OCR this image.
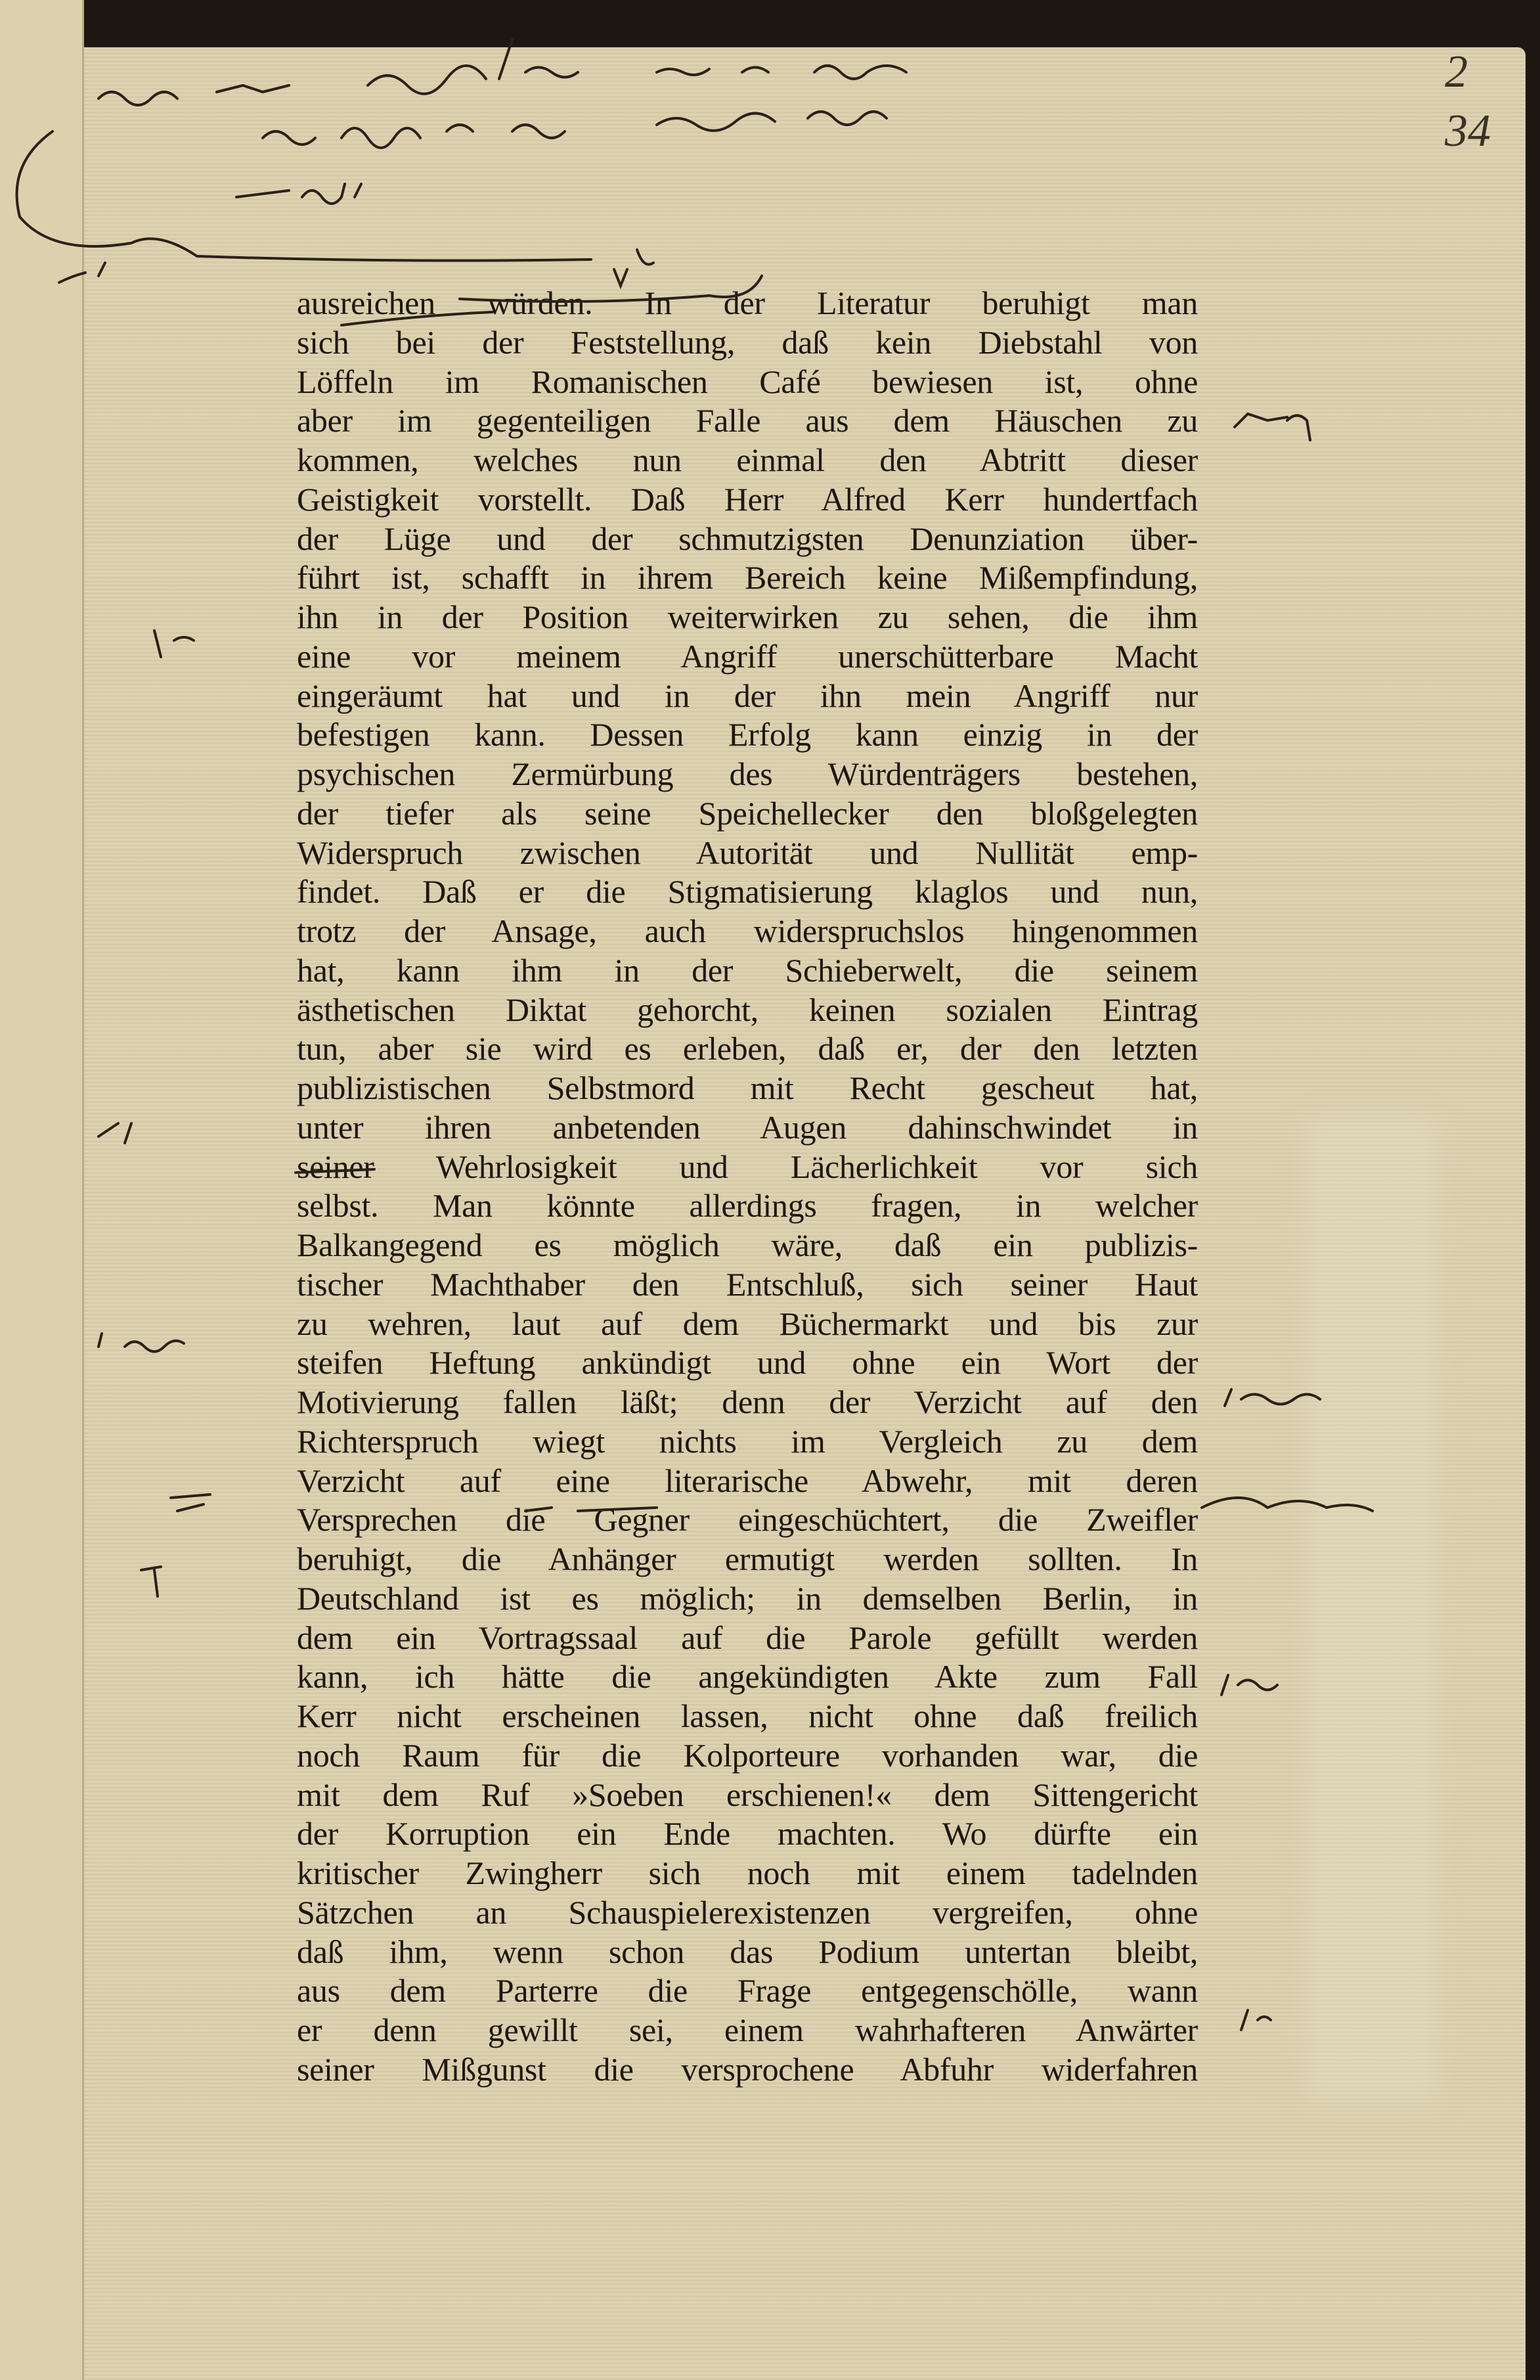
2
34
ausreichen würden. In der Literatur beruhigt man
sich bei der Feststellung, daß kein Diebstahl von
Löffeln im Romanischen Café bewiesen ist, ohne
aber im gegenteiligen Falle aus dem Häuschen zu
kommen, welches nun einmal den Abtritt dieser
Geistigkeit vorstellt. Daß Herr Alfred Kerr hundertfach
der Lüge und der schmutzigsten Denunziation über-
führt ist, schafft in ihrem Bereich keine Mißempfindung,
ihn in der Position weiterwirken zu sehen, die ihm
eine vor meinem Angriff unerschütterbare Macht
eingeräumt hat und in der ihn mein Angriff nur
befestigen kann. Dessen Erfolg kann einzig in der
psychischen Zermürbung des Würdenträgers bestehen,
der tiefer als seine Speichellecker den bloßgelegten
Widerspruch zwischen Autorität und Nullität emp-
findet. Daß er die Stigmatisierung klaglos und nun,
trotz der Ansage, auch widerspruchslos hingenommen
hat, kann ihm in der Schieberwelt, die seinem
ästhetischen Diktat gehorcht, keinen sozialen Eintrag
tun, aber sie wird es erleben, daß er, der den letzten
publizistischen Selbstmord mit Recht gescheut hat,
unter ihren anbetenden Augen dahinschwindet in
seiner Wehrlosigkeit und Lächerlichkeit vor sich
selbst. Man könnte allerdings fragen, in welcher
Balkangegend es möglich wäre, daß ein publizis-
tischer Machthaber den Entschluß, sich seiner Haut
zu wehren, laut auf dem Büchermarkt und bis zur
steifen Heftung ankündigt und ohne ein Wort der
Motivierung fallen läßt; denn der Verzicht auf den
Richterspruch wiegt nichts im Vergleich zu dem
Verzicht auf eine literarische Abwehr, mit deren
Versprechen die Gegner eingeschüchtert, die Zweifler
beruhigt, die Anhänger ermutigt werden sollten. In
Deutschland ist es möglich; in demselben Berlin, in
dem ein Vortragssaal auf die Parole gefüllt werden
kann, ich hätte die angekündigten Akte zum Fall
Kerr nicht erscheinen lassen, nicht ohne daß freilich
noch Raum für die Kolporteure vorhanden war, die
mit dem Ruf »Soeben erschienen!« dem Sittengericht
der Korruption ein Ende machten. Wo dürfte ein
kritischer Zwingherr sich noch mit einem tadelnden
Sätzchen an Schauspielerexistenzen vergreifen, ohne
daß ihm, wenn schon das Podium untertan bleibt,
aus dem Parterre die Frage entgegenschölle, wann
er denn gewillt sei, einem wahrhafteren Anwärter
seiner Mißgunst die versprochene Abfuhr widerfahren
